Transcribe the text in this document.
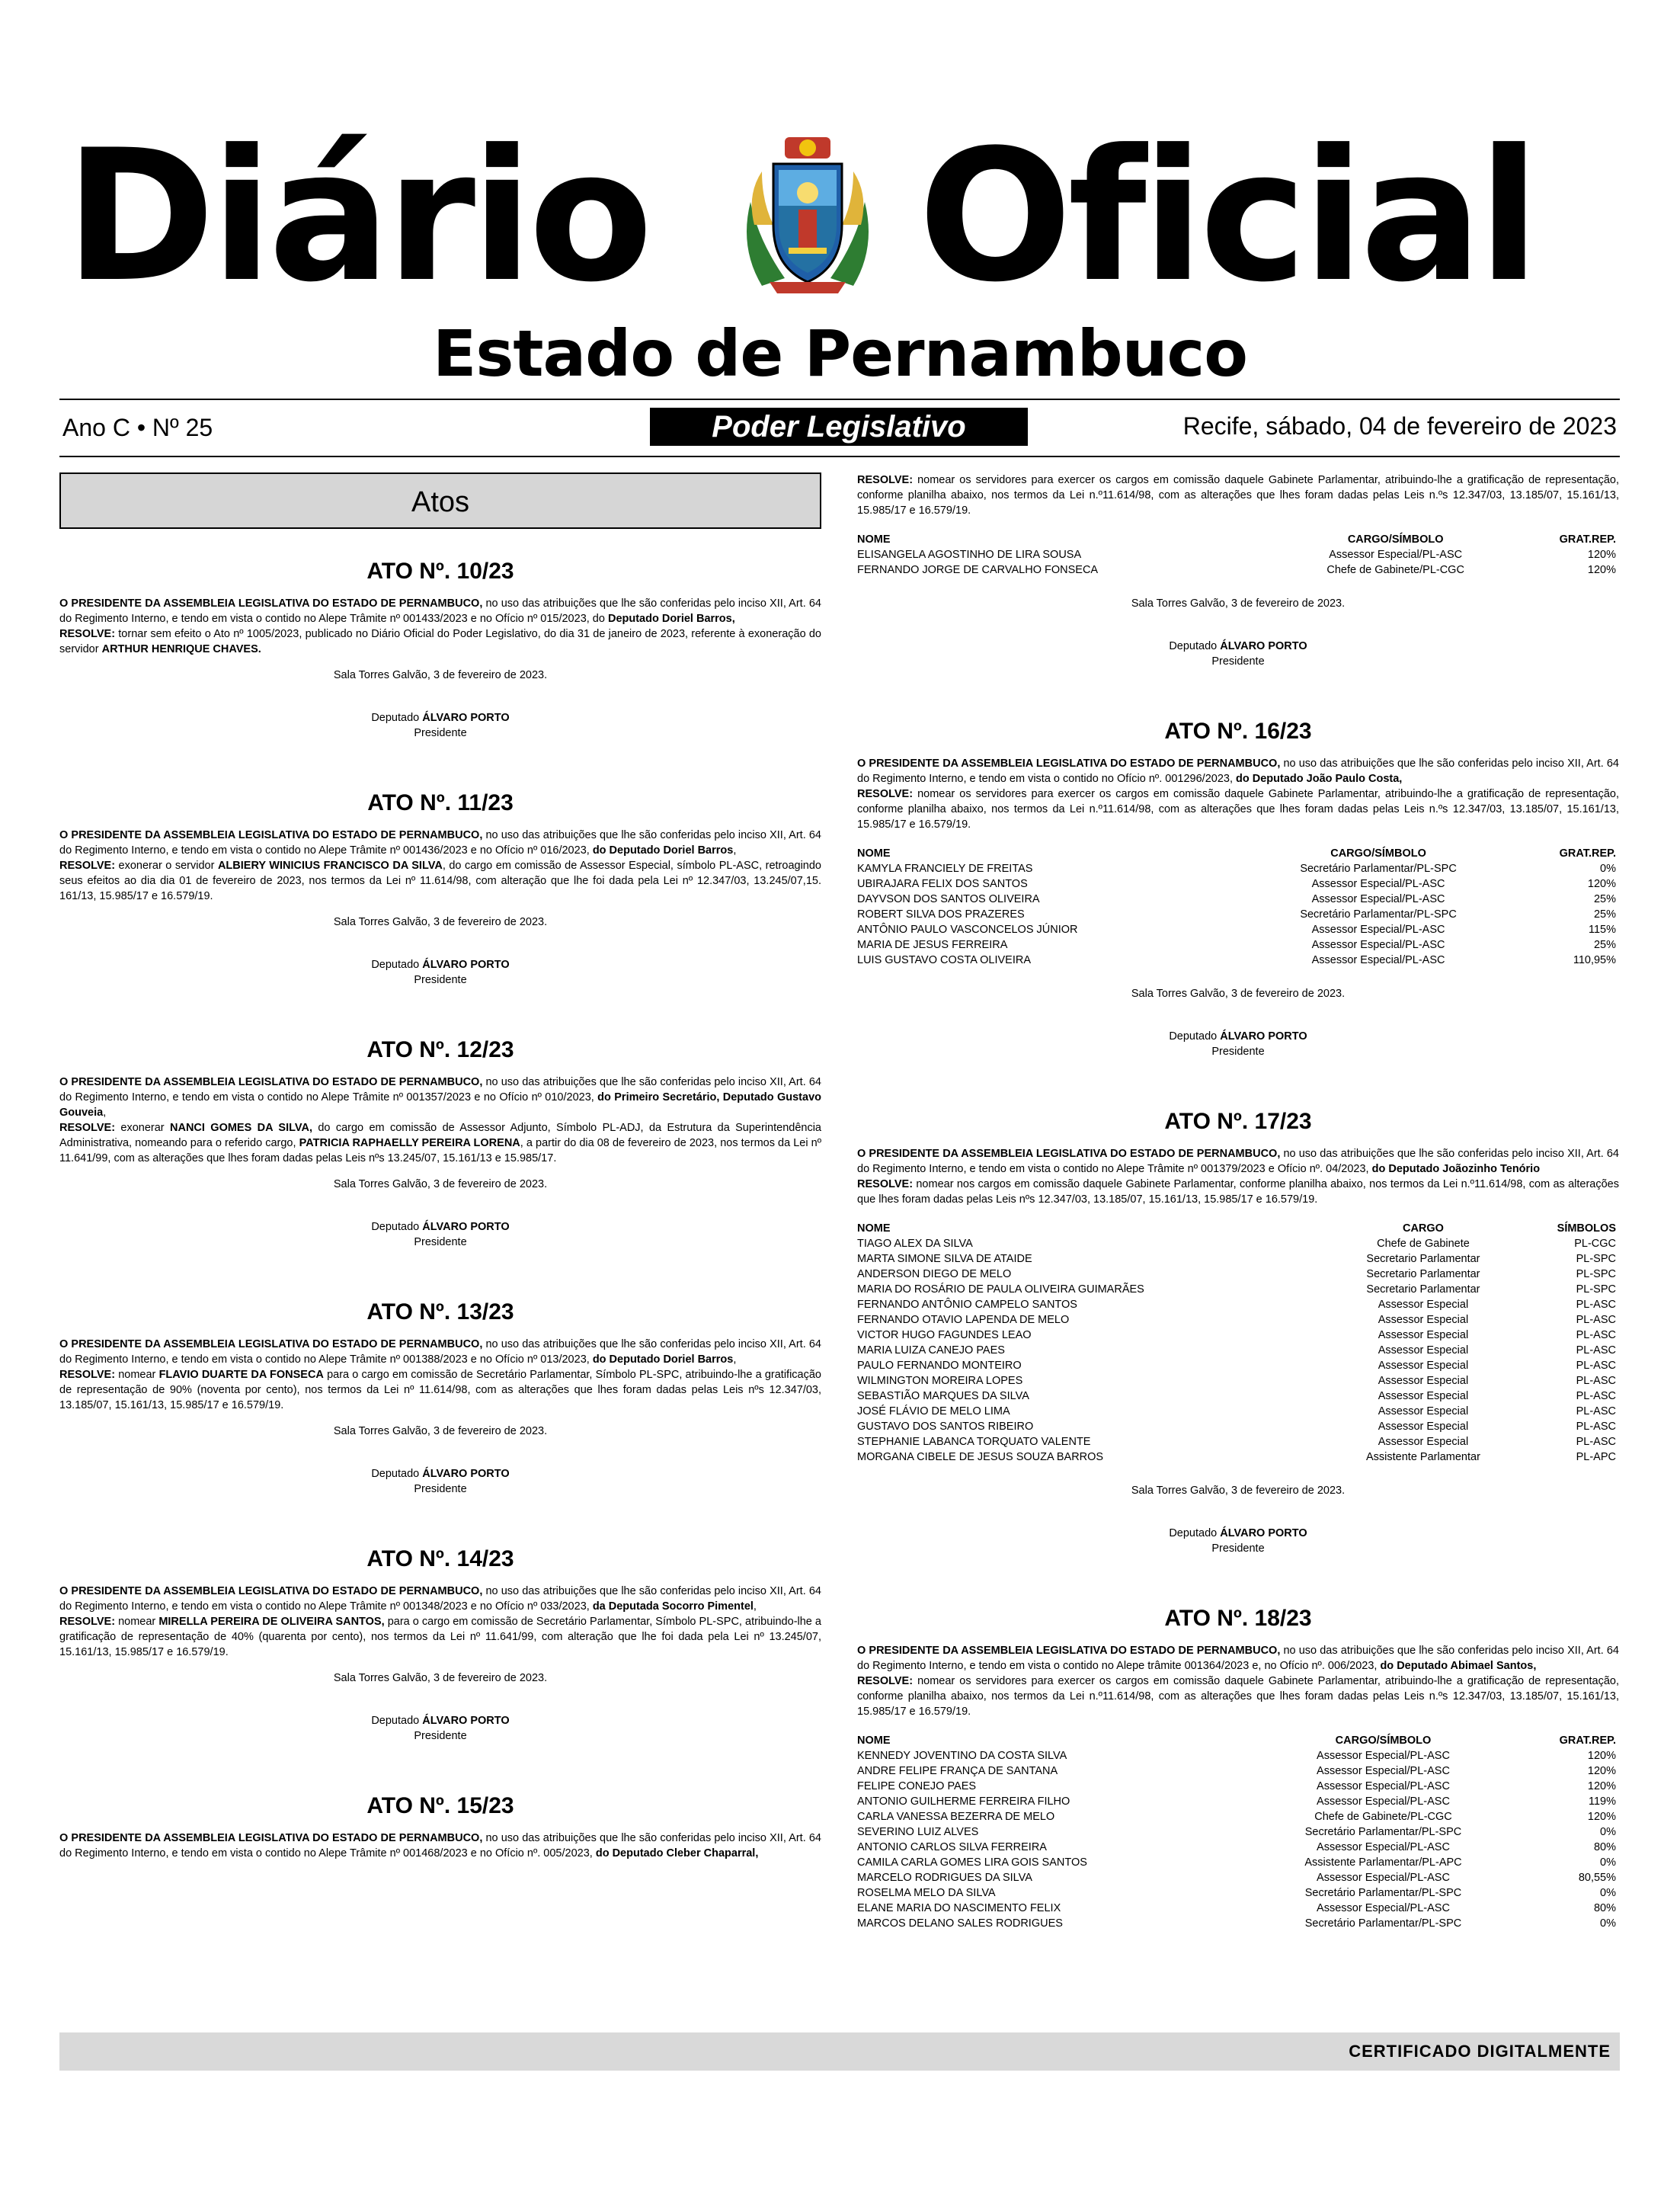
Diário Oficial
Estado de Pernambuco
Ano C • Nº 25	Poder Legislativo	Recife, sábado, 04 de fevereiro de 2023
Atos
ATO Nº. 10/23

O PRESIDENTE DA ASSEMBLEIA LEGISLATIVA DO ESTADO DE PERNAMBUCO, no uso das atribuições que lhe são conferidas pelo inciso XII, Art. 64 do Regimento Interno, e tendo em vista o contido no Alepe Trâmite nº 001433/2023 e no Ofício nº 015/2023, do Deputado Doriel Barros,
RESOLVE: tornar sem efeito o Ato nº 1005/2023, publicado no Diário Oficial do Poder Legislativo, do dia 31 de janeiro de 2023, referente à exoneração do servidor ARTHUR HENRIQUE CHAVES.

Sala Torres Galvão, 3 de fevereiro de 2023.

Deputado ÁLVARO PORTO

Presidente

ATO Nº. 11/23

O PRESIDENTE DA ASSEMBLEIA LEGISLATIVA DO ESTADO DE PERNAMBUCO, no uso das atribuições que lhe são conferidas pelo inciso XII, Art. 64 do Regimento Interno, e tendo em vista o contido no Alepe Trâmite nº 001436/2023 e no Ofício nº 016/2023, do Deputado Doriel Barros,
RESOLVE: exonerar o servidor ALBIERY WINICIUS FRANCISCO DA SILVA, do cargo em comissão de Assessor Especial, símbolo PL-ASC, retroagindo seus efeitos ao dia dia 01 de fevereiro de 2023, nos termos da Lei nº 11.614/98, com alteração que lhe foi dada pela Lei nº 12.347/03, 13.245/07,15. 161/13, 15.985/17 e 16.579/19.

Sala Torres Galvão, 3 de fevereiro de 2023.

Deputado ÁLVARO PORTO

Presidente

ATO Nº. 12/23

O PRESIDENTE DA ASSEMBLEIA LEGISLATIVA DO ESTADO DE PERNAMBUCO, no uso das atribuições que lhe são conferidas pelo inciso XII, Art. 64 do Regimento Interno, e tendo em vista o contido no Alepe Trâmite nº 001357/2023 e no Ofício nº 010/2023, do Primeiro Secretário, Deputado Gustavo Gouveia,
RESOLVE: exonerar NANCI GOMES DA SILVA, do cargo em comissão de Assessor Adjunto, Símbolo PL-ADJ, da Estrutura da Superintendência Administrativa, nomeando para o referido cargo, PATRICIA RAPHAELLY PEREIRA LORENA, a partir do dia 08 de fevereiro de 2023, nos termos da Lei nº 11.641/99, com as alterações que lhes foram dadas pelas Leis nºs 13.245/07, 15.161/13 e 15.985/17.

Sala Torres Galvão, 3 de fevereiro de 2023.

Deputado ÁLVARO PORTO

Presidente

ATO Nº. 13/23

O PRESIDENTE DA ASSEMBLEIA LEGISLATIVA DO ESTADO DE PERNAMBUCO, no uso das atribuições que lhe são conferidas pelo inciso XII, Art. 64 do Regimento Interno, e tendo em vista o contido no Alepe Trâmite nº 001388/2023 e no Ofício nº 013/2023, do Deputado Doriel Barros,
RESOLVE: nomear FLAVIO DUARTE DA FONSECA para o cargo em comissão de Secretário Parlamentar, Símbolo PL-SPC, atribuindo-lhe a gratificação de representação de 90% (noventa por cento), nos termos da Lei nº 11.614/98, com as alterações que lhes foram dadas pelas Leis nºs 12.347/03, 13.185/07, 15.161/13, 15.985/17 e 16.579/19.

Sala Torres Galvão, 3 de fevereiro de 2023.

Deputado ÁLVARO PORTO

Presidente

ATO Nº. 14/23

O PRESIDENTE DA ASSEMBLEIA LEGISLATIVA DO ESTADO DE PERNAMBUCO, no uso das atribuições que lhe são conferidas pelo inciso XII, Art. 64 do Regimento Interno, e tendo em vista o contido no Alepe Trâmite nº 001348/2023 e no Ofício nº 033/2023, da Deputada Socorro Pimentel,
RESOLVE: nomear MIRELLA PEREIRA DE OLIVEIRA SANTOS, para o cargo em comissão de Secretário Parlamentar, Símbolo PL-SPC, atribuindo-lhe a gratificação de representação de 40% (quarenta por cento), nos termos da Lei nº 11.641/99, com alteração que lhe foi dada pela Lei nº 13.245/07, 15.161/13, 15.985/17 e 16.579/19.

Sala Torres Galvão, 3 de fevereiro de 2023.

Deputado ÁLVARO PORTO

Presidente

ATO Nº. 15/23

O PRESIDENTE DA ASSEMBLEIA LEGISLATIVA DO ESTADO DE PERNAMBUCO, no uso das atribuições que lhe são conferidas pelo inciso XII, Art. 64 do Regimento Interno, e tendo em vista o contido no Alepe Trâmite nº 001468/2023 e no Ofício nº. 005/2023, do Deputado Cleber Chaparral,

RESOLVE: nomear os servidores para exercer os cargos em comissão daquele Gabinete Parlamentar, atribuindo-lhe a gratificação de representação, conforme planilha abaixo, nos termos da Lei n.º11.614/98, com as alterações que lhes foram dadas pelas Leis n.ºs 12.347/03, 13.185/07, 15.161/13, 15.985/17 e 16.579/19.

NOME	CARGO/SÍMBOLO	GRAT.REP.
ELISANGELA AGOSTINHO DE LIRA SOUSA	Assessor Especial/PL-ASC	120%
FERNANDO JORGE DE CARVALHO FONSECA	Chefe de Gabinete/PL-CGC	120%

Sala Torres Galvão, 3 de fevereiro de 2023.

Deputado ÁLVARO PORTO

Presidente

ATO Nº. 16/23

O PRESIDENTE DA ASSEMBLEIA LEGISLATIVA DO ESTADO DE PERNAMBUCO, no uso das atribuições que lhe são conferidas pelo inciso XII, Art. 64 do Regimento Interno, e tendo em vista o contido no Ofício nº. 001296/2023, do Deputado João Paulo Costa,
RESOLVE: nomear os servidores para exercer os cargos em comissão daquele Gabinete Parlamentar, atribuindo-lhe a gratificação de representação, conforme planilha abaixo, nos termos da Lei n.º11.614/98, com as alterações que lhes foram dadas pelas Leis n.ºs 12.347/03, 13.185/07, 15.161/13, 15.985/17 e 16.579/19.

NOME	CARGO/SÍMBOLO	GRAT.REP.
KAMYLA FRANCIELY DE FREITAS	Secretário Parlamentar/PL-SPC	0%
UBIRAJARA FELIX DOS SANTOS	Assessor Especial/PL-ASC	120%
DAYVSON DOS SANTOS OLIVEIRA	Assessor Especial/PL-ASC	25%
ROBERT SILVA DOS PRAZERES	Secretário Parlamentar/PL-SPC	25%
ANTÔNIO PAULO VASCONCELOS JÚNIOR	Assessor Especial/PL-ASC	115%
MARIA DE JESUS FERREIRA	Assessor Especial/PL-ASC	25%
LUIS GUSTAVO COSTA OLIVEIRA	Assessor Especial/PL-ASC	110,95%

Sala Torres Galvão, 3 de fevereiro de 2023.

Deputado ÁLVARO PORTO

Presidente

ATO Nº. 17/23

O PRESIDENTE DA ASSEMBLEIA LEGISLATIVA DO ESTADO DE PERNAMBUCO, no uso das atribuições que lhe são conferidas pelo inciso XII, Art. 64 do Regimento Interno, e tendo em vista o contido no Alepe Trâmite nº 001379/2023 e Ofício nº. 04/2023, do Deputado Joãozinho Tenório
RESOLVE: nomear nos cargos em comissão daquele Gabinete Parlamentar, conforme planilha abaixo, nos termos da Lei n.º11.614/98, com as alterações que lhes foram dadas pelas Leis nºs 12.347/03, 13.185/07, 15.161/13, 15.985/17 e 16.579/19.

NOME	CARGO	SÍMBOLOS
TIAGO ALEX DA SILVA	Chefe de Gabinete	PL-CGC
MARTA SIMONE SILVA DE ATAIDE	Secretario Parlamentar	PL-SPC
ANDERSON DIEGO DE MELO	Secretario Parlamentar	PL-SPC
MARIA DO ROSÁRIO DE PAULA OLIVEIRA GUIMARÃES	Secretario Parlamentar	PL-SPC
FERNANDO ANTÔNIO CAMPELO SANTOS	Assessor Especial	PL-ASC
FERNANDO OTAVIO LAPENDA DE MELO	Assessor Especial	PL-ASC
VICTOR HUGO FAGUNDES LEAO	Assessor Especial	PL-ASC
MARIA LUIZA CANEJO PAES	Assessor Especial	PL-ASC
PAULO FERNANDO MONTEIRO	Assessor Especial	PL-ASC
WILMINGTON MOREIRA LOPES	Assessor Especial	PL-ASC
SEBASTIÃO MARQUES DA SILVA	Assessor Especial	PL-ASC
JOSÉ FLÁVIO DE MELO LIMA	Assessor Especial	PL-ASC
GUSTAVO DOS SANTOS RIBEIRO	Assessor Especial	PL-ASC
STEPHANIE LABANCA TORQUATO VALENTE	Assessor Especial	PL-ASC
MORGANA CIBELE DE JESUS SOUZA BARROS	Assistente Parlamentar	PL-APC

Sala Torres Galvão, 3 de fevereiro de 2023.

Deputado ÁLVARO PORTO

Presidente

ATO Nº. 18/23

O PRESIDENTE DA ASSEMBLEIA LEGISLATIVA DO ESTADO DE PERNAMBUCO, no uso das atribuições que lhe são conferidas pelo inciso XII, Art. 64 do Regimento Interno, e tendo em vista o contido no Alepe trâmite 001364/2023 e, no Ofício nº. 006/2023, do Deputado Abimael Santos,
RESOLVE: nomear os servidores para exercer os cargos em comissão daquele Gabinete Parlamentar, atribuindo-lhe a gratificação de representação, conforme planilha abaixo, nos termos da Lei n.º11.614/98, com as alterações que lhes foram dadas pelas Leis n.ºs 12.347/03, 13.185/07, 15.161/13, 15.985/17 e 16.579/19.

NOME	CARGO/SÍMBOLO	GRAT.REP.
KENNEDY JOVENTINO DA COSTA SILVA	Assessor Especial/PL-ASC	120%
ANDRE FELIPE FRANÇA DE SANTANA	Assessor Especial/PL-ASC	120%
FELIPE CONEJO PAES	Assessor Especial/PL-ASC	120%
ANTONIO GUILHERME FERREIRA FILHO	Assessor Especial/PL-ASC	119%
CARLA VANESSA BEZERRA DE MELO	Chefe de Gabinete/PL-CGC	120%
SEVERINO LUIZ ALVES	Secretário Parlamentar/PL-SPC	0%
ANTONIO CARLOS SILVA FERREIRA	Assessor Especial/PL-ASC	80%
CAMILA CARLA GOMES LIRA GOIS SANTOS	Assistente Parlamentar/PL-APC	0%
MARCELO RODRIGUES DA SILVA	Assessor Especial/PL-ASC	80,55%
ROSELMA MELO DA SILVA	Secretário Parlamentar/PL-SPC	0%
ELANE MARIA DO NASCIMENTO FELIX	Assessor Especial/PL-ASC	80%
MARCOS DELANO SALES RODRIGUES	Secretário Parlamentar/PL-SPC	0%
CERTIFICADO DIGITALMENTE
